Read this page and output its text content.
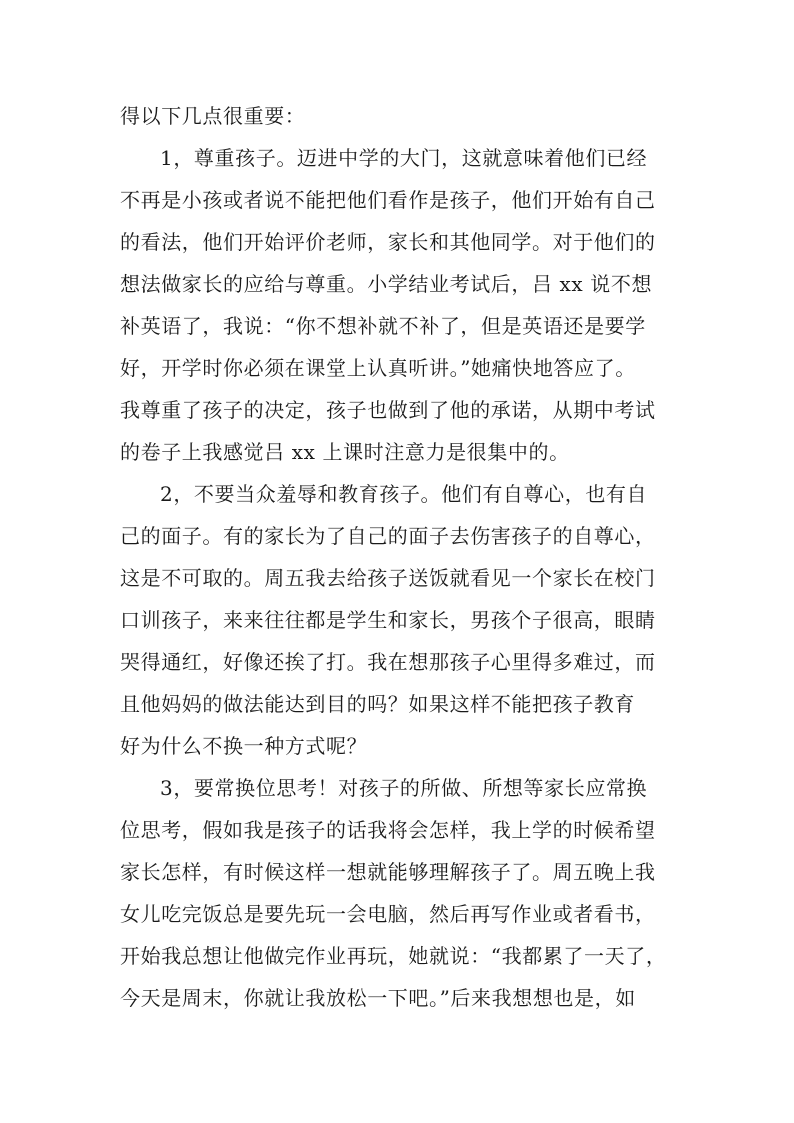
得以下几点很重要：
1，尊重孩子。迈进中学的大门，这就意味着他们已经
不再是小孩或者说不能把他们看作是孩子，他们开始有自己
的看法，他们开始评价老师，家长和其他同学。对于他们的
想法做家长的应给与尊重。小学结业考试后，吕 xx 说不想
补英语了，我说：“你不想补就不补了，但是英语还是要学
好，开学时你必须在课堂上认真听讲。”她痛快地答应了。
我尊重了孩子的决定，孩子也做到了他的承诺，从期中考试
的卷子上我感觉吕 xx 上课时注意力是很集中的。
2，不要当众羞辱和教育孩子。他们有自尊心，也有自
己的面子。有的家长为了自己的面子去伤害孩子的自尊心，
这是不可取的。周五我去给孩子送饭就看见一个家长在校门
口训孩子，来来往往都是学生和家长，男孩个子很高，眼睛
哭得通红，好像还挨了打。我在想那孩子心里得多难过，而
且他妈妈的做法能达到目的吗？如果这样不能把孩子教育
好为什么不换一种方式呢？
3，要常换位思考！对孩子的所做、所想等家长应常换
位思考，假如我是孩子的话我将会怎样，我上学的时候希望
家长怎样，有时候这样一想就能够理解孩子了。周五晚上我
女儿吃完饭总是要先玩一会电脑，然后再写作业或者看书，
开始我总想让他做完作业再玩，她就说：“我都累了一天了，
今天是周末，你就让我放松一下吧。”后来我想想也是，如
